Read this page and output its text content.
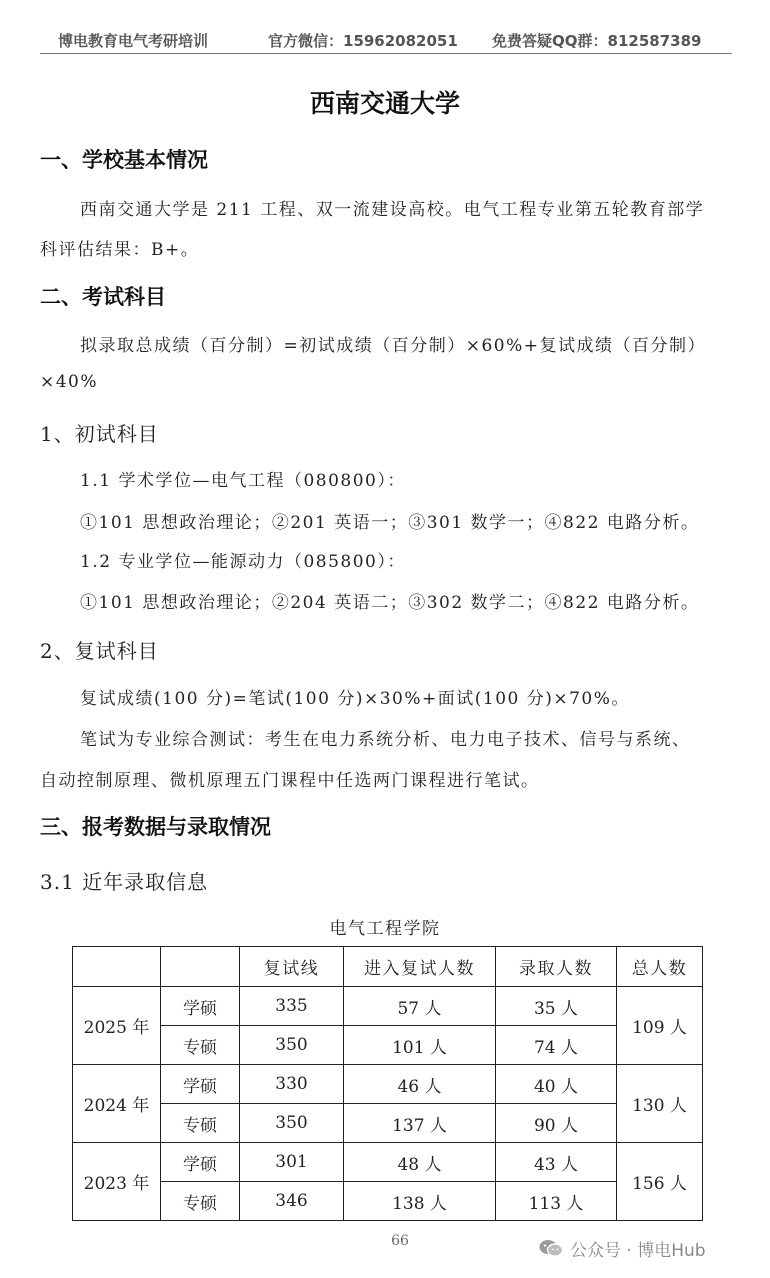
博电教育电气考研培训	官方微信：15962082051 免费答疑QQ群：812587389
西南交通大学
一、学校基本情况
西南交通大学是 211 工程、双一流建设高校。电气工程专业第五轮教育部学
科评估结果：B+。
二、考试科目
拟录取总成绩（百分制）=初试成绩（百分制）×60%+复试成绩（百分制）
×40%
1、初试科目
1.1 学术学位—电气工程（080800）：
①101 思想政治理论；②201 英语一；③301 数学一；④822 电路分析。
1.2 专业学位—能源动力（085800）：
①101 思想政治理论；②204 英语二；③302 数学二；④822 电路分析。
2、复试科目
复试成绩(100 分)=笔试(100 分)×30%+面试(100 分)×70%。
笔试为专业综合测试：考生在电力系统分析、电力电子技术、信号与系统、
自动控制原理、微机原理五门课程中任选两门课程进行笔试。
三、报考数据与录取情况
3.1 近年录取信息
电气工程学院
		复试线	进入复试人数	录取人数	总人数
2025 年	学硕	335	57 人	35 人	109 人
	专硕	350	101 人	74 人	
2024 年	学硕	330	46 人	40 人	130 人
	专硕	350	137 人	90 人	
2023 年	学硕	301	48 人	43 人	156 人
	专硕	346	138 人	113 人	
66	公众号 · 博电Hub
